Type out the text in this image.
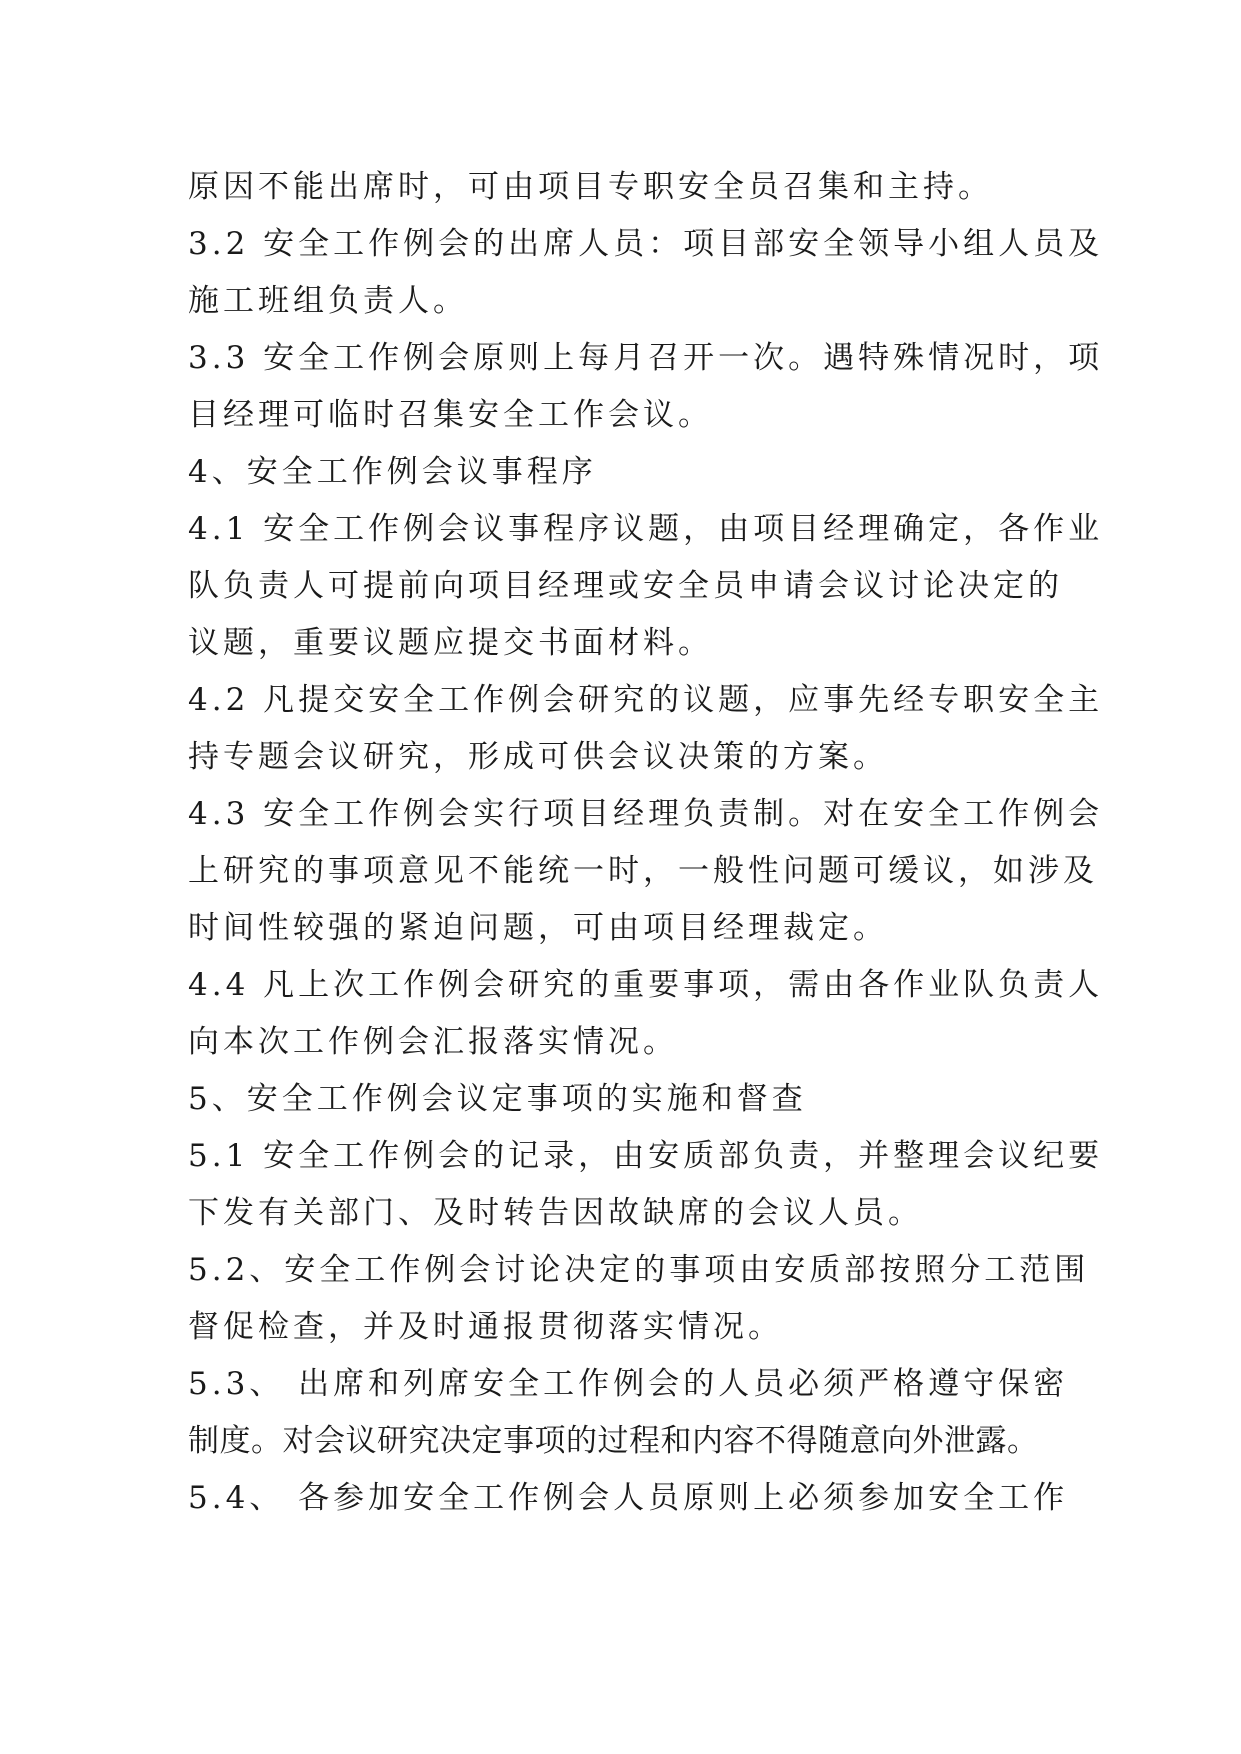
原因不能出席时，可由项目专职安全员召集和主持。
3.2 安全工作例会的出席人员：项目部安全领导小组人员及
施工班组负责人。
3.3 安全工作例会原则上每月召开一次。遇特殊情况时，项
目经理可临时召集安全工作会议。
4、安全工作例会议事程序
4.1 安全工作例会议事程序议题，由项目经理确定，各作业
队负责人可提前向项目经理或安全员申请会议讨论决定的
议题，重要议题应提交书面材料。
4.2 凡提交安全工作例会研究的议题，应事先经专职安全主
持专题会议研究，形成可供会议决策的方案。
4.3 安全工作例会实行项目经理负责制。对在安全工作例会
上研究的事项意见不能统一时，一般性问题可缓议，如涉及
时间性较强的紧迫问题，可由项目经理裁定。
4.4 凡上次工作例会研究的重要事项，需由各作业队负责人
向本次工作例会汇报落实情况。
5、安全工作例会议定事项的实施和督查
5.1 安全工作例会的记录，由安质部负责，并整理会议纪要
下发有关部门、及时转告因故缺席的会议人员。
5.2、安全工作例会讨论决定的事项由安质部按照分工范围
督促检查，并及时通报贯彻落实情况。
5.3、 出席和列席安全工作例会的人员必须严格遵守保密
制度。对会议研究决定事项的过程和内容不得随意向外泄露。
5.4、 各参加安全工作例会人员原则上必须参加安全工作
